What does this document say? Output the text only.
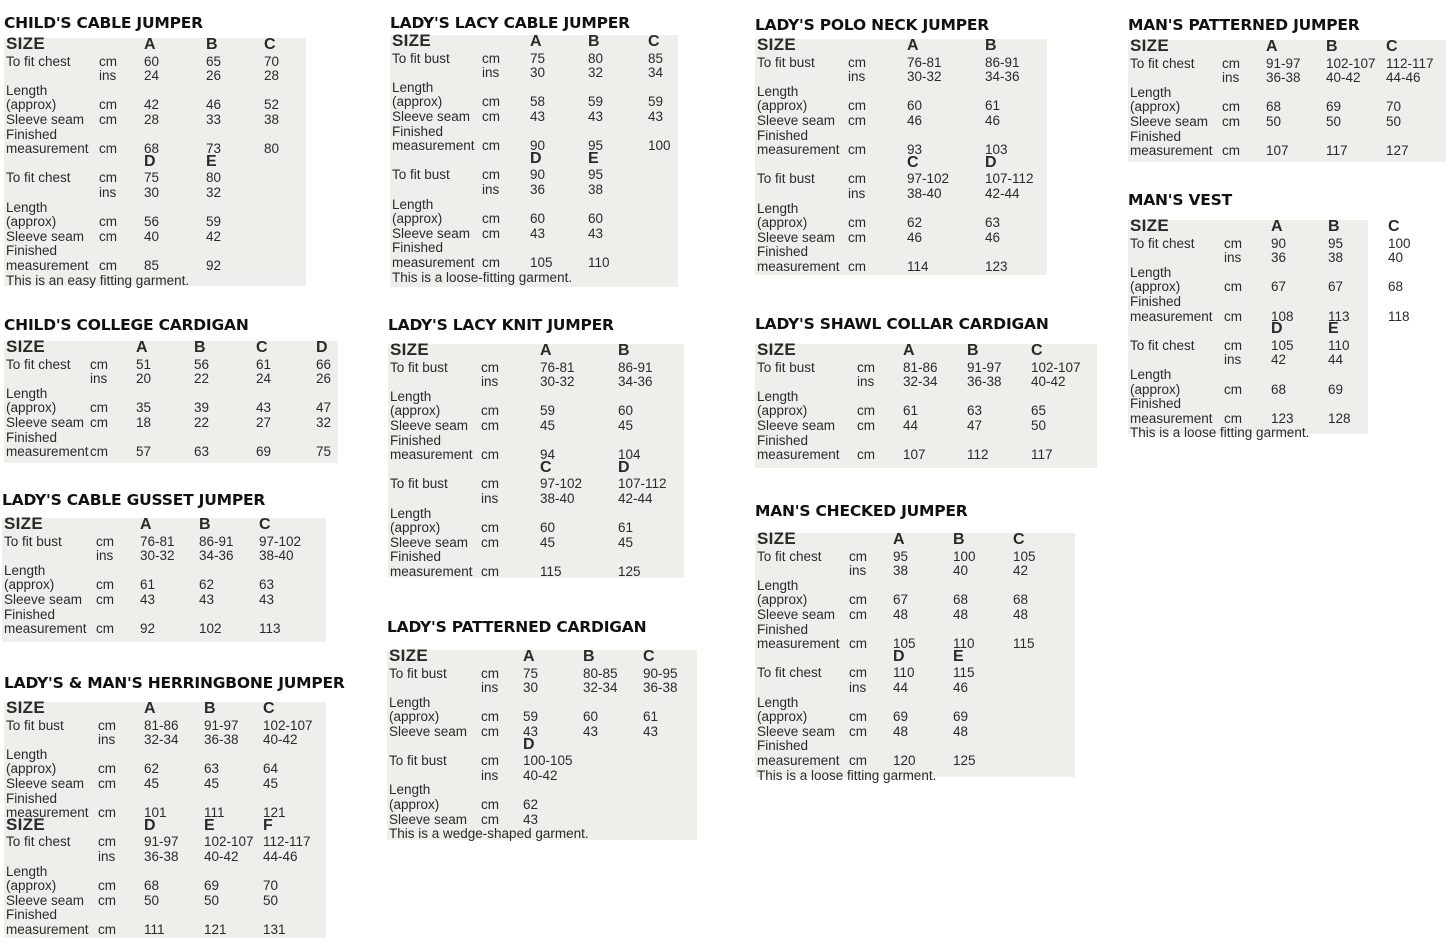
CHILD'S CABLE JUMPER
SIZE	A	B	C
To fit chest cm 60	65	70
ins 24	26	28
Length
(approx)	cm 42	46	52
Sleeve seam cm 28	33	38
Finished
measurement cm 68	73	80
D	E
To fit chest cm 75	80
ins 30	32
Length
(approx)	cm 56	59
Sleeve seam cm 40	42
Finished
measurement cm 85	92
This is an easy fitting garment.
CHILD'S COLLEGE CARDIGAN
SIZE	A	B	C	D
To fit chest cm 51	56	61	66
ins 20	22	24	26
Length
(approx) cm 35	39	43	47
Sleeve seam cm 18	22	27	32
Finished
measurement cm 57	63	69	75
LADY'S CABLE GUSSET JUMPER
SIZE	A	B	C
To fit bust	cm 76-81 86-91 97-102
ins 30-32 34-36 38-40
Length
(approx)	cm 61	62	63
Sleeve seam cm 43	43	43
Finished
measurement cm 92	102	113
LADY'S & MAN'S HERRINGBONE JUMPER
SIZE	A	B	C
To fit bust	cm 81-86 91-97 102-107
ins 32-34 36-38 40-42
Length
(approx)	cm 62	63	64
Sleeve seam cm 45	45	45
Finished
measurement cm 101	111	121
SIZE	D	E	F
To fit chest cm 91-97 102-107 112-117
ins 36-38 40-42 44-46
Length
(approx)	cm 68	69	70
Sleeve seam cm 50	50	50
Finished
measurement cm 111	121	131
LADY'S LACY CABLE JUMPER
SIZE	A	B	C
To fit bust cm 75	80	85
ins 30	32	34
Length
(approx)	cm 58	59	59
Sleeve seam cm 43	43	43
Finished
measurement cm 90	95	100
D	E
To fit bust cm 90	95
ins 36	38
Length
(approx)	cm 60	60
Sleeve seam cm 43	43
Finished
measurement cm 105	110
This is a loose-fitting garment.
LADY'S LACY KNIT JUMPER
SIZE	A	B
To fit bust cm	76-81	86-91
ins	30-32	34-36
Length
(approx)	cm	59	60
Sleeve seam cm	45	45
Finished
measurement cm	94	104
C	D
To fit bust cm	97-102	107-112
ins	38-40	42-44
Length
(approx)	cm	60	61
Sleeve seam cm	45	45
Finished
measurement cm	115	125
LADY'S PATTERNED CARDIGAN
SIZE	A	B	C
To fit bust	cm 75	80-85 90-95
ins 30	32-34 36-38
Length
(approx)	cm 59	60	61
Sleeve seam cm 43	43	43
D
To fit bust	cm 100-105
ins 40-42
Length
(approx)	cm 62
Sleeve seam cm 43
This is a wedge-shaped garment.
LADY'S POLO NECK JUMPER
SIZE	A	B
To fit bust cm	76-81	86-91
ins	30-32	34-36
Length
(approx)	cm	60	61
Sleeve seam cm	46	46
Finished
measurement cm	93	103
C	D
To fit bust cm	97-102	107-112
ins	38-40	42-44
Length
(approx)	cm	62	63
Sleeve seam cm	46	46
Finished
measurement cm	114	123
LADY'S SHAWL COLLAR CARDIGAN
SIZE	A	B	C
To fit bust	cm 81-86 91-97 102-107
ins 32-34 36-38 40-42
Length
(approx)	cm 61	63	65
Sleeve seam cm 44	47	50
Finished
measurement cm 107	112	117
MAN'S CHECKED JUMPER
SIZE	A	B	C
To fit chest cm 95	100	105
ins 38	40	42
Length
(approx)	cm 67	68	68
Sleeve seam cm 48	48	48
Finished
measurement cm 105	110	115
D	E
To fit chest cm 110	115
ins 44	46
Length
(approx)	cm 69	69
Sleeve seam cm 48	48
Finished
measurement cm 120	125
This is a loose fitting garment.
MAN'S PATTERNED JUMPER
SIZE	A	B	C
To fit chest cm 91-97 102-107 112-117
ins 36-38 40-42 44-46
Length
(approx)	cm 68	69	70
Sleeve seam cm 50	50	50
Finished
measurement cm 107	117	127
MAN'S VEST
SIZE	A	B	C
To fit chest cm 90	95	100
ins 36	38	40
Length
(approx)	cm 67	67	68
Finished
measurement cm 108	113	118
D	E
To fit chest cm 105	110
ins 42	44
Length
(approx)	cm 68	69
Finished
measurement cm 123	128
This is a loose fitting garment.
